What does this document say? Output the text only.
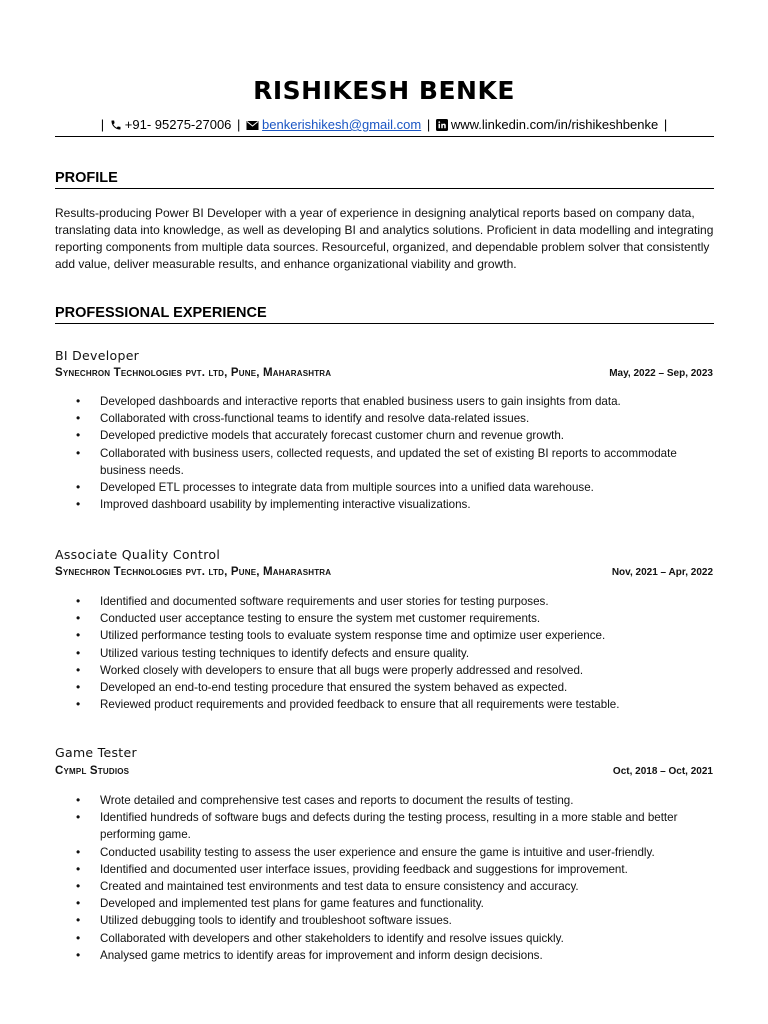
RISHIKESH BENKE
| +91- 95275-27006 | benkerishikesh@gmail.com | www.linkedin.com/in/rishikeshbenke |
PROFILE
Results-producing Power BI Developer with a year of experience in designing analytical reports based on company data, translating data into knowledge, as well as developing BI and analytics solutions. Proficient in data modelling and integrating reporting components from multiple data sources. Resourceful, organized, and dependable problem solver that consistently add value, deliver measurable results, and enhance organizational viability and growth.
PROFESSIONAL EXPERIENCE
BI Developer
Synechron Technologies pvt. ltd, Pune, Maharashtra	May, 2022 – Sep, 2023
• Developed dashboards and interactive reports that enabled business users to gain insights from data.
• Collaborated with cross-functional teams to identify and resolve data-related issues.
• Developed predictive models that accurately forecast customer churn and revenue growth.
• Collaborated with business users, collected requests, and updated the set of existing BI reports to accommodate business needs.
• Developed ETL processes to integrate data from multiple sources into a unified data warehouse.
• Improved dashboard usability by implementing interactive visualizations.
Associate Quality Control
Synechron Technologies pvt. ltd, Pune, Maharashtra	Nov, 2021 – Apr, 2022
• Identified and documented software requirements and user stories for testing purposes.
• Conducted user acceptance testing to ensure the system met customer requirements.
• Utilized performance testing tools to evaluate system response time and optimize user experience.
• Utilized various testing techniques to identify defects and ensure quality.
• Worked closely with developers to ensure that all bugs were properly addressed and resolved.
• Developed an end-to-end testing procedure that ensured the system behaved as expected.
• Reviewed product requirements and provided feedback to ensure that all requirements were testable.
Game Tester
Cympl Studios	Oct, 2018 – Oct, 2021
• Wrote detailed and comprehensive test cases and reports to document the results of testing.
• Identified hundreds of software bugs and defects during the testing process, resulting in a more stable and better performing game.
• Conducted usability testing to assess the user experience and ensure the game is intuitive and user-friendly.
• Identified and documented user interface issues, providing feedback and suggestions for improvement.
• Created and maintained test environments and test data to ensure consistency and accuracy.
• Developed and implemented test plans for game features and functionality.
• Utilized debugging tools to identify and troubleshoot software issues.
• Collaborated with developers and other stakeholders to identify and resolve issues quickly.
• Analysed game metrics to identify areas for improvement and inform design decisions.
